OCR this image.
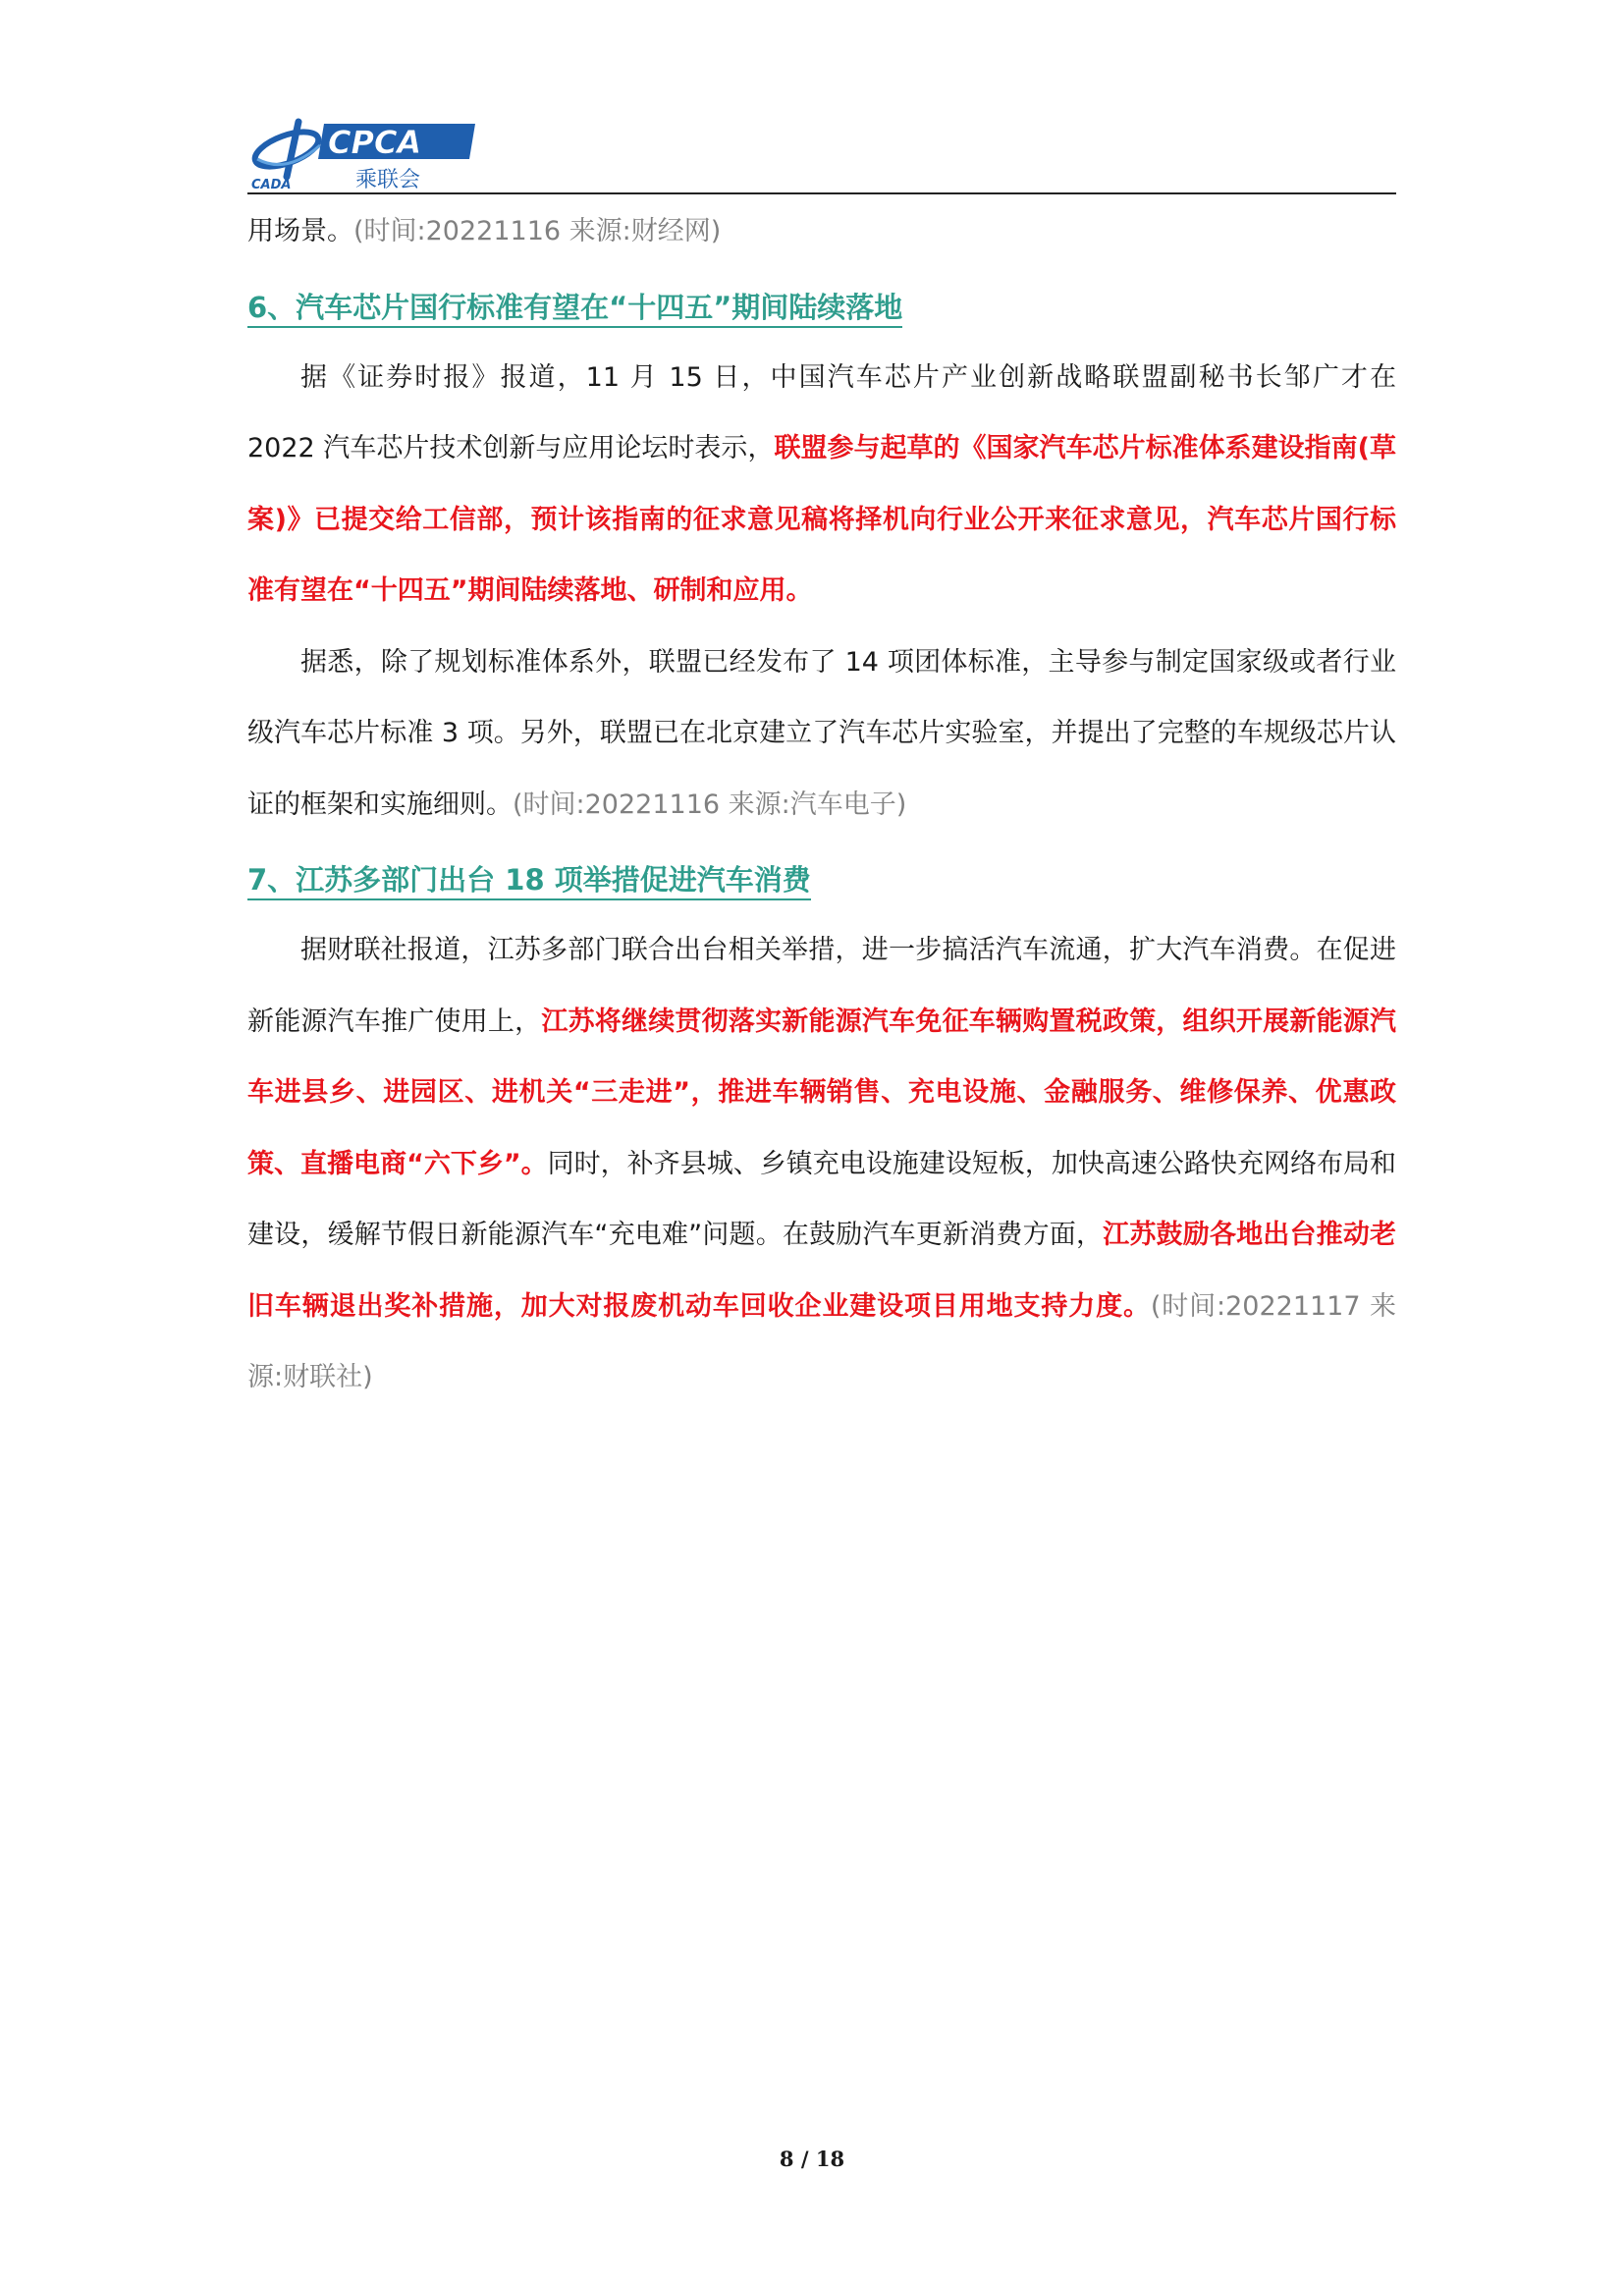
CADA
CPCA
乘联会

用场景。(时间:20221116 来源:财经网)

6、汽车芯片国行标准有望在“十四五”期间陆续落地

据《证券时报》报道，11 月 15 日，中国汽车芯片产业创新战略联盟副秘书长邹广才在 2022 汽车芯片技术创新与应用论坛时表示，联盟参与起草的《国家汽车芯片标准体系建设指南(草案)》已提交给工信部，预计该指南的征求意见稿将择机向行业公开来征求意见，汽车芯片国行标准有望在“十四五”期间陆续落地、研制和应用。

据悉，除了规划标准体系外，联盟已经发布了 14 项团体标准，主导参与制定国家级或者行业级汽车芯片标准 3 项。另外，联盟已在北京建立了汽车芯片实验室，并提出了完整的车规级芯片认证的框架和实施细则。(时间:20221116 来源:汽车电子)

7、江苏多部门出台 18 项举措促进汽车消费

据财联社报道，江苏多部门联合出台相关举措，进一步搞活汽车流通，扩大汽车消费。在促进新能源汽车推广使用上，江苏将继续贯彻落实新能源汽车免征车辆购置税政策，组织开展新能源汽车进县乡、进园区、进机关“三走进”，推进车辆销售、充电设施、金融服务、维修保养、优惠政策、直播电商“六下乡”。同时，补齐县城、乡镇充电设施建设短板，加快高速公路快充网络布局和建设，缓解节假日新能源汽车“充电难”问题。在鼓励汽车更新消费方面，江苏鼓励各地出台推动老旧车辆退出奖补措施，加大对报废机动车回收企业建设项目用地支持力度。(时间:20221117 来源:财联社)

8 / 18
